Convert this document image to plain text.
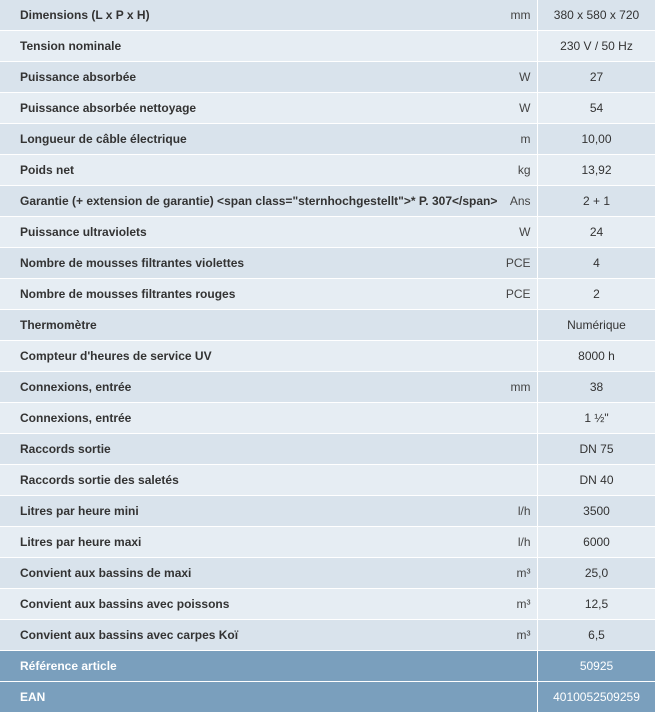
Dimensions (L x P x H) mm	380 x 580 x 720
Tension nominale	230 V / 50 Hz
Puissance absorbée W	27
Puissance absorbée nettoyage W	54
Longueur de câble électrique m	10,00
Poids net kg	13,92
Garantie (+ extension de garantie) <span class="sternhochgestellt">* P. 307</span> Ans	2 + 1
Puissance ultraviolets W	24
Nombre de mousses filtrantes violettes PCE	4
Nombre de mousses filtrantes rouges PCE	2
Thermomètre	Numérique
Compteur d'heures de service UV	8000 h
Connexions, entrée mm	38
Connexions, entrée	1 ½"
Raccords sortie	DN 75
Raccords sortie des saletés	DN 40
Litres par heure mini l/h	3500
Litres par heure maxi l/h	6000
Convient aux bassins de maxi m³	25,0
Convient aux bassins avec poissons m³	12,5
Convient aux bassins avec carpes Koï m³	6,5
Référence article	50925
EAN	4010052509259
